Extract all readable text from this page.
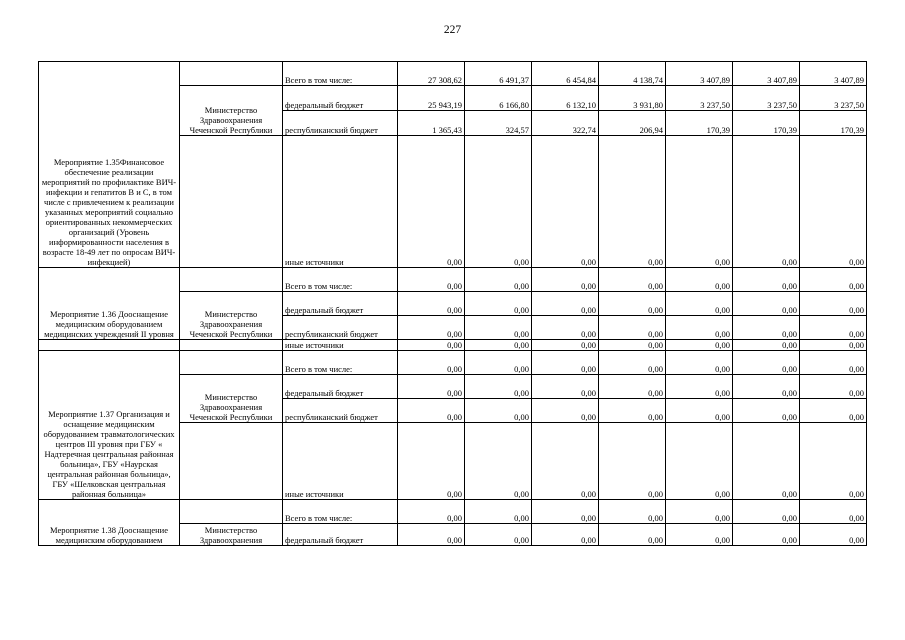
227
Мероприятие 1.35Финансовое обеспечение реализации мероприятий по профилактике ВИЧ-инфекции и гепатитов В и С, в том числе с привлечением к реализации указанных мероприятий социально ориентированных некоммерческих организаций (Уровень информированности населения в возрасте 18-49 лет по опросам ВИЧ-инфекцией)		Всего в том числе:	27 308,62	6 491,37	6 454,84	4 138,74	3 407,89	3 407,89	3 407,89
	Министерство Здравоохранения Чеченской Республики	федеральный бюджет	25 943,19	6 166,80	6 132,10	3 931,80	3 237,50	3 237,50	3 237,50
		республиканский бюджет	1 365,43	324,57	322,74	206,94	170,39	170,39	170,39
		иные источники	0,00	0,00	0,00	0,00	0,00	0,00	0,00
Мероприятие 1.36 Дооснащение медицинским оборудованием медицинских учреждений II уровня		Всего в том числе:	0,00	0,00	0,00	0,00	0,00	0,00	0,00
	Министерство Здравоохранения Чеченской Республики	федеральный бюджет	0,00	0,00	0,00	0,00	0,00	0,00	0,00
		республиканский бюджет	0,00	0,00	0,00	0,00	0,00	0,00	0,00
		иные источники	0,00	0,00	0,00	0,00	0,00	0,00	0,00
Мероприятие 1.37 Организация и оснащение медицинским оборудованием травматологических центров III уровня при ГБУ « Надтеречная центральная районная больница», ГБУ «Наурская центральная районная больница», ГБУ «Шелковская центральная районная больница»		Всего в том числе:	0,00	0,00	0,00	0,00	0,00	0,00	0,00
	Министерство Здравоохранения Чеченской Республики	федеральный бюджет	0,00	0,00	0,00	0,00	0,00	0,00	0,00
		республиканский бюджет	0,00	0,00	0,00	0,00	0,00	0,00	0,00
		иные источники	0,00	0,00	0,00	0,00	0,00	0,00	0,00
Мероприятие 1.38 Дооснащение медицинским оборудованием		Всего в том числе:	0,00	0,00	0,00	0,00	0,00	0,00	0,00
	Министерство Здравоохранения	федеральный бюджет	0,00	0,00	0,00	0,00	0,00	0,00	0,00
